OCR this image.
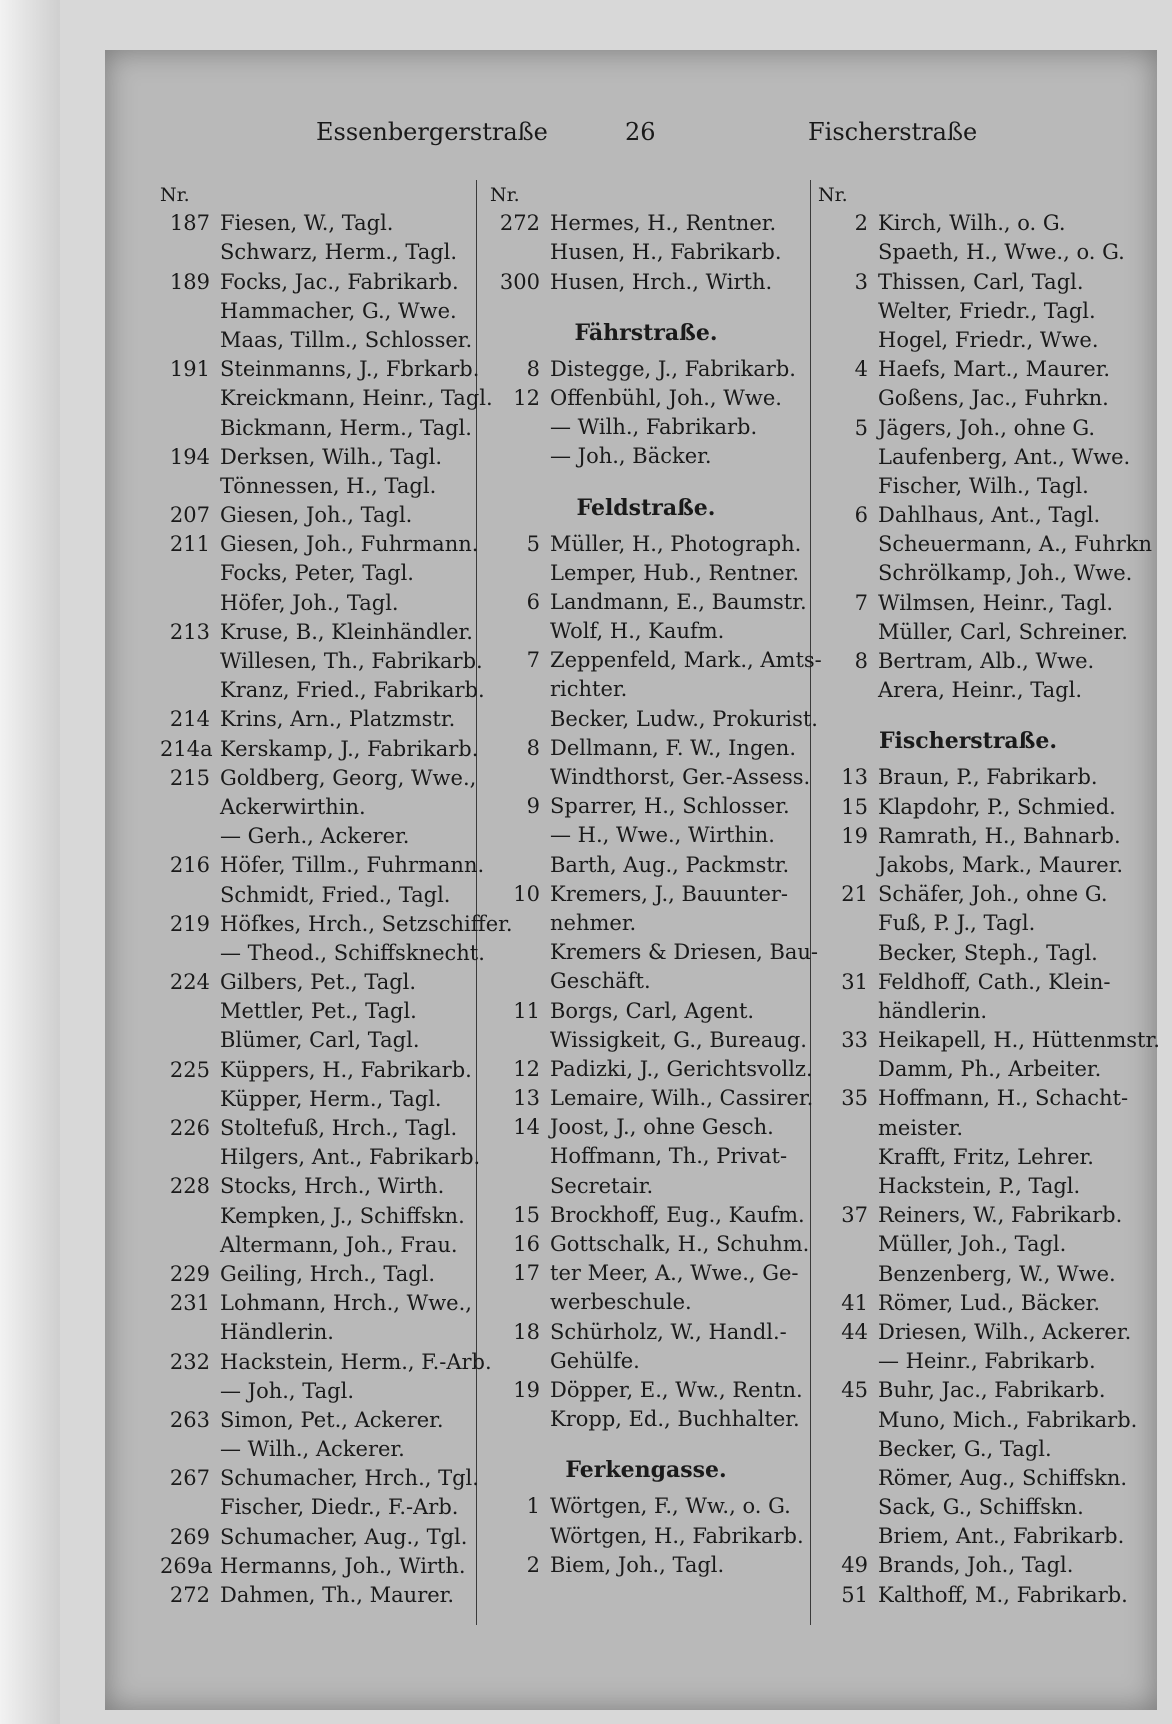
Essenbergerstraße	26	Fischerstraße
Nr.
187 Fiesen, W., Tagl.
Schwarz, Herm., Tagl.
189 Focks, Jac., Fabrikarb.
Hammacher, G., Wwe.
Maas, Tillm., Schlosser.
191 Steinmanns, J., Fbrkarb.
Kreickmann, Heinr., Tagl.
Bickmann, Herm., Tagl.
194 Derksen, Wilh., Tagl.
Tönnessen, H., Tagl.
207 Giesen, Joh., Tagl.
211 Giesen, Joh., Fuhrmann.
Focks, Peter, Tagl.
Höfer, Joh., Tagl.
213 Kruse, B., Kleinhändler.
Willesen, Th., Fabrikarb.
Kranz, Fried., Fabrikarb.
214 Krins, Arn., Platzmstr.
214a Kerskamp, J., Fabrikarb.
215 Goldberg, Georg, Wwe.,
Ackerwirthin.
— Gerh., Ackerer.
216 Höfer, Tillm., Fuhrmann.
Schmidt, Fried., Tagl.
219 Höfkes, Hrch., Setzschiffer.
— Theod., Schiffsknecht.
224 Gilbers, Pet., Tagl.
Mettler, Pet., Tagl.
Blümer, Carl, Tagl.
225 Küppers, H., Fabrikarb.
Küpper, Herm., Tagl.
226 Stoltefuß, Hrch., Tagl.
Hilgers, Ant., Fabrikarb.
228 Stocks, Hrch., Wirth.
Kempken, J., Schiffskn.
Altermann, Joh., Frau.
229 Geiling, Hrch., Tagl.
231 Lohmann, Hrch., Wwe.,
Händlerin.
232 Hackstein, Herm., F.-Arb.
— Joh., Tagl.
263 Simon, Pet., Ackerer.
— Wilh., Ackerer.
267 Schumacher, Hrch., Tgl.
Fischer, Diedr., F.-Arb.
269 Schumacher, Aug., Tgl.
269a Hermanns, Joh., Wirth.
272 Dahmen, Th., Maurer.
Nr.
272 Hermes, H., Rentner.
Husen, H., Fabrikarb.
300 Husen, Hrch., Wirth.
Fährstraße.
8 Distegge, J., Fabrikarb.
12 Offenbühl, Joh., Wwe.
— Wilh., Fabrikarb.
— Joh., Bäcker.
Feldstraße.
5 Müller, H., Photograph.
Lemper, Hub., Rentner.
6 Landmann, E., Baumstr.
Wolf, H., Kaufm.
7 Zeppenfeld, Mark., Amts-
richter.
Becker, Ludw., Prokurist.
8 Dellmann, F. W., Ingen.
Windthorst, Ger.-Assess.
9 Sparrer, H., Schlosser.
— H., Wwe., Wirthin.
Barth, Aug., Packmstr.
10 Kremers, J., Bauunter-
nehmer.
Kremers & Driesen, Bau-
Geschäft.
11 Borgs, Carl, Agent.
Wissigkeit, G., Bureaug.
12 Padizki, J., Gerichtsvollz.
13 Lemaire, Wilh., Cassirer.
14 Joost, J., ohne Gesch.
Hoffmann, Th., Privat-
Secretair.
15 Brockhoff, Eug., Kaufm.
16 Gottschalk, H., Schuhm.
17 ter Meer, A., Wwe., Ge-
werbeschule.
18 Schürholz, W., Handl.-
Gehülfe.
19 Döpper, E., Ww., Rentn.
Kropp, Ed., Buchhalter.
Ferkengasse.
1 Wörtgen, F., Ww., o. G.
Wörtgen, H., Fabrikarb.
2 Biem, Joh., Tagl.
Nr.
2 Kirch, Wilh., o. G.
Spaeth, H., Wwe., o. G.
3 Thissen, Carl, Tagl.
Welter, Friedr., Tagl.
Hogel, Friedr., Wwe.
4 Haefs, Mart., Maurer.
Goßens, Jac., Fuhrkn.
5 Jägers, Joh., ohne G.
Laufenberg, Ant., Wwe.
Fischer, Wilh., Tagl.
6 Dahlhaus, Ant., Tagl.
Scheuermann, A., Fuhrkn
Schrölkamp, Joh., Wwe.
7 Wilmsen, Heinr., Tagl.
Müller, Carl, Schreiner.
8 Bertram, Alb., Wwe.
Arera, Heinr., Tagl.
Fischerstraße.
13 Braun, P., Fabrikarb.
15 Klapdohr, P., Schmied.
19 Ramrath, H., Bahnarb.
Jakobs, Mark., Maurer.
21 Schäfer, Joh., ohne G.
Fuß, P. J., Tagl.
Becker, Steph., Tagl.
31 Feldhoff, Cath., Klein-
händlerin.
33 Heikapell, H., Hüttenmstr.
Damm, Ph., Arbeiter.
35 Hoffmann, H., Schacht-
meister.
Krafft, Fritz, Lehrer.
Hackstein, P., Tagl.
37 Reiners, W., Fabrikarb.
Müller, Joh., Tagl.
Benzenberg, W., Wwe.
41 Römer, Lud., Bäcker.
44 Driesen, Wilh., Ackerer.
— Heinr., Fabrikarb.
45 Buhr, Jac., Fabrikarb.
Muno, Mich., Fabrikarb.
Becker, G., Tagl.
Römer, Aug., Schiffskn.
Sack, G., Schiffskn.
Briem, Ant., Fabrikarb.
49 Brands, Joh., Tagl.
51 Kalthoff, M., Fabrikarb.
